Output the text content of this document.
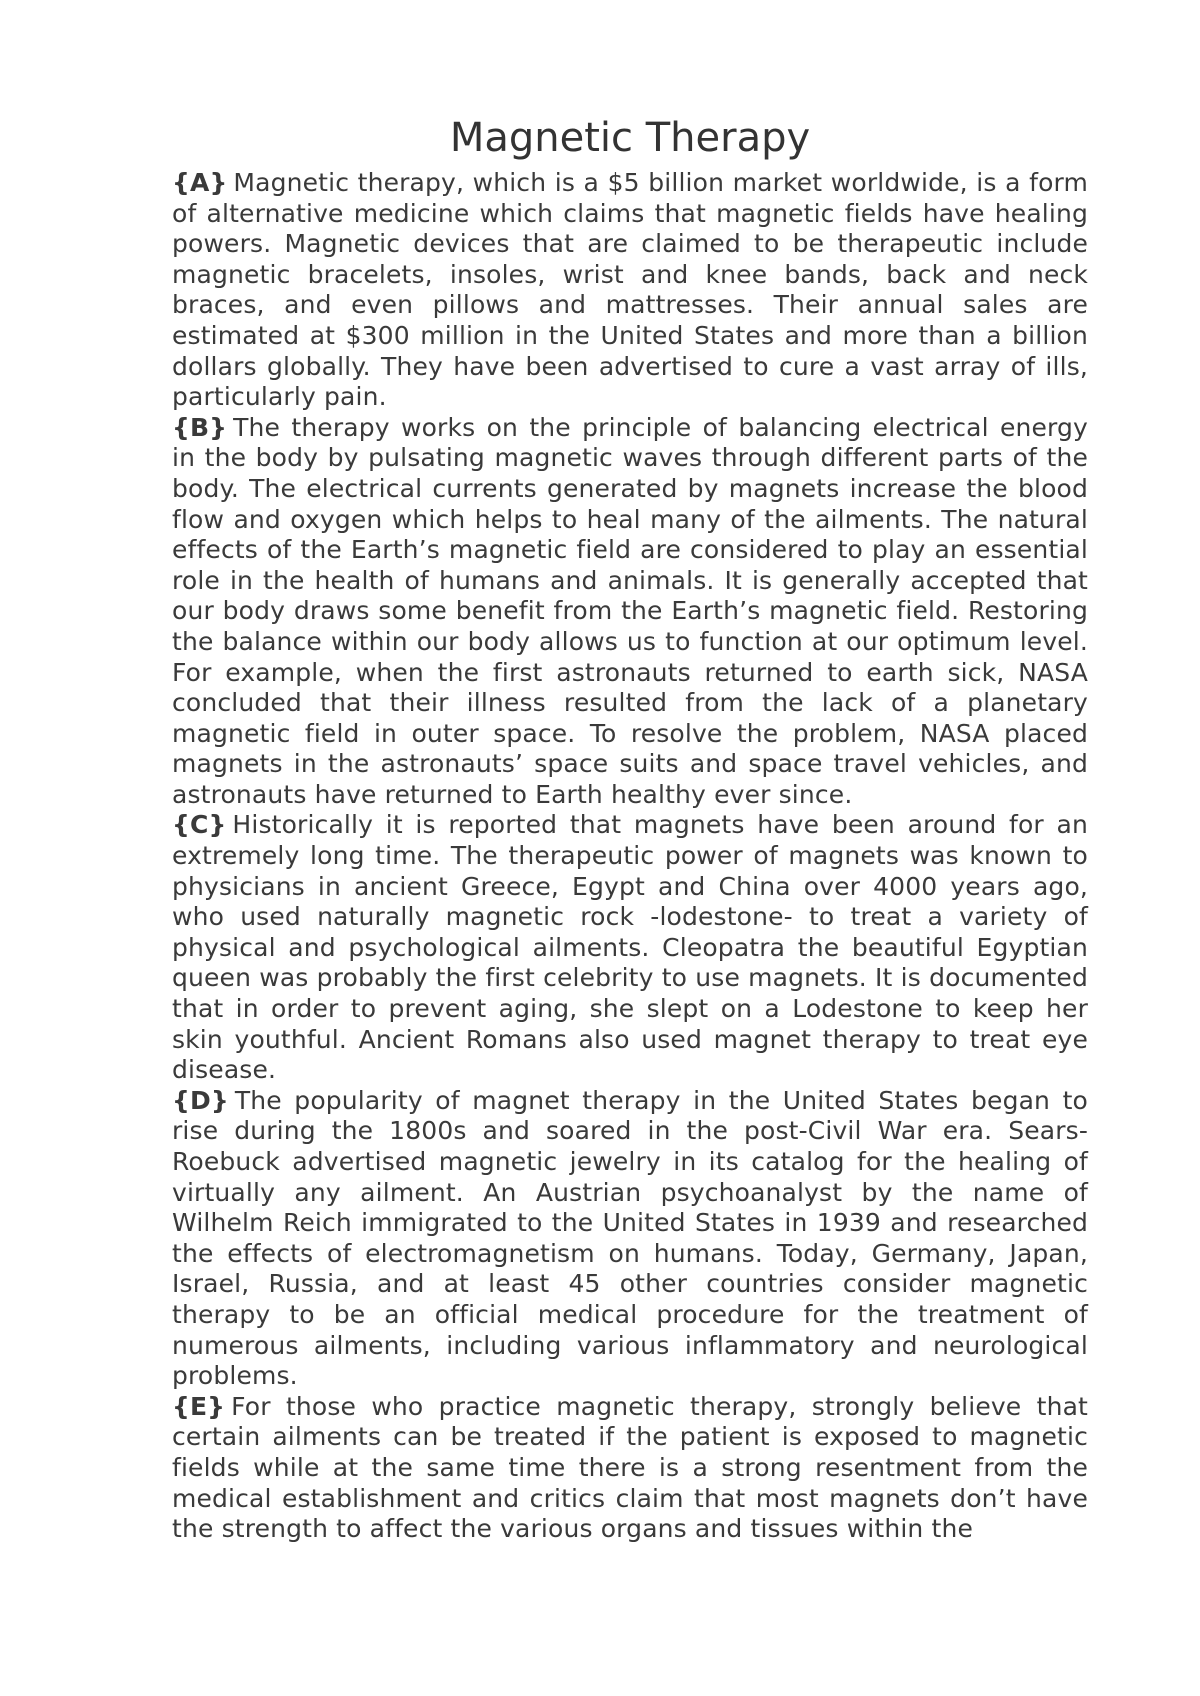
Magnetic Therapy

{A} Magnetic therapy, which is a $5 billion market worldwide, is a form of alternative medicine which claims that magnetic fields have healing powers. Magnetic devices that are claimed to be therapeutic include magnetic bracelets, insoles, wrist and knee bands, back and neck braces, and even pillows and mattresses. Their annual sales are estimated at $300 million in the United States and more than a billion dollars globally. They have been advertised to cure a vast array of ills, particularly pain.

{B} The therapy works on the principle of balancing electrical energy in the body by pulsating magnetic waves through different parts of the body. The electrical currents generated by magnets increase the blood flow and oxygen which helps to heal many of the ailments. The natural effects of the Earth’s magnetic field are considered to play an essential role in the health of humans and animals. It is generally accepted that our body draws some benefit from the Earth’s magnetic field. Restoring the balance within our body allows us to function at our optimum level. For example, when the first astronauts returned to earth sick, NASA concluded that their illness resulted from the lack of a planetary magnetic field in outer space. To resolve the problem, NASA placed magnets in the astronauts’ space suits and space travel vehicles, and astronauts have returned to Earth healthy ever since.

{C} Historically it is reported that magnets have been around for an extremely long time. The therapeutic power of magnets was known to physicians in ancient Greece, Egypt and China over 4000 years ago, who used naturally magnetic rock -lodestone- to treat a variety of physical and psychological ailments. Cleopatra the beautiful Egyptian queen was probably the first celebrity to use magnets. It is documented that in order to prevent aging, she slept on a Lodestone to keep her skin youthful. Ancient Romans also used magnet therapy to treat eye disease.

{D} The popularity of magnet therapy in the United States began to rise during the 1800s and soared in the post-Civil War era. Sears-Roebuck advertised magnetic jewelry in its catalog for the healing of virtually any ailment. An Austrian psychoanalyst by the name of Wilhelm Reich immigrated to the United States in 1939 and researched the effects of electromagnetism on humans. Today, Germany, Japan, Israel, Russia, and at least 45 other countries consider magnetic therapy to be an official medical procedure for the treatment of numerous ailments, including various inflammatory and neurological problems.

{E} For those who practice magnetic therapy, strongly believe that certain ailments can be treated if the patient is exposed to magnetic fields while at the same time there is a strong resentment from the medical establishment and critics claim that most magnets don’t have the strength to affect the various organs and tissues within the
